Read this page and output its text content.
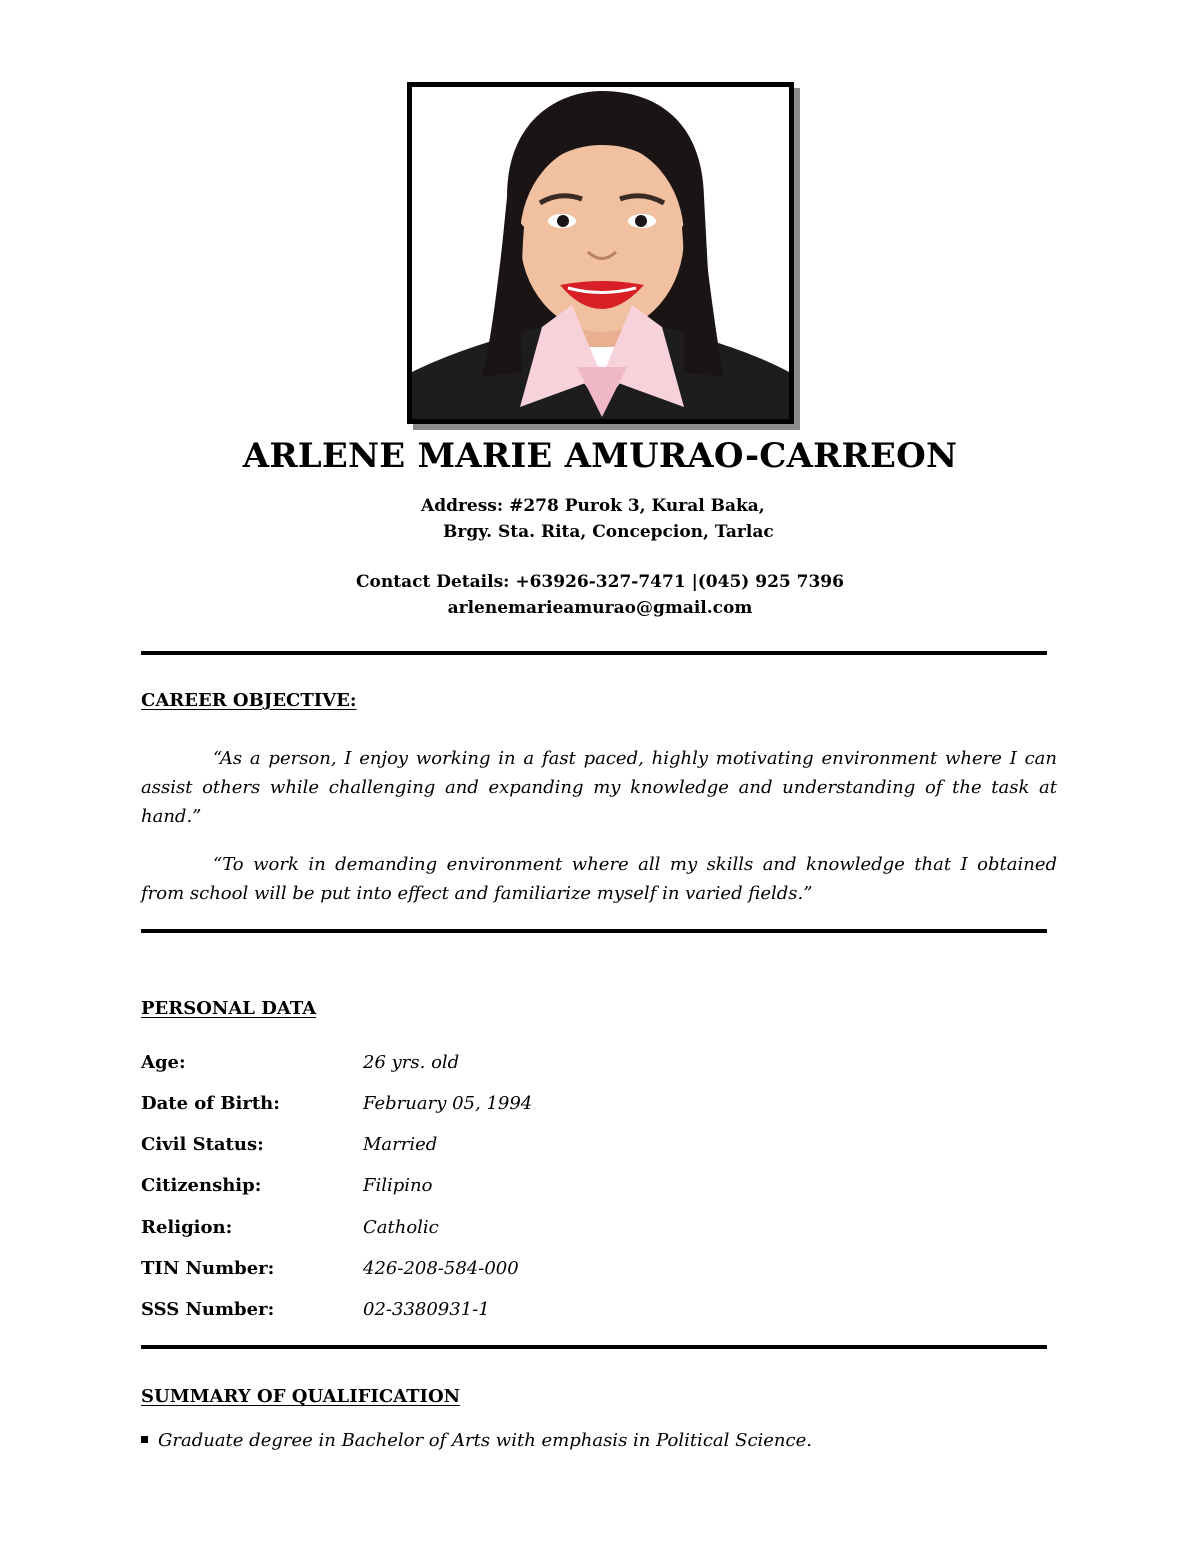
ARLENE MARIE AMURAO-CARREON
Address: #278 Purok 3, Kural Baka,
Brgy. Sta. Rita, Concepcion, Tarlac
Contact Details: +63926-327-7471 |(045) 925 7396
arlenemarieamurao@gmail.com
CAREER OBJECTIVE:

“As a person, I enjoy working in a fast paced, highly motivating environment where I can assist others while challenging and expanding my knowledge and understanding of the task at hand.”

“To work in demanding environment where all my skills and knowledge that I obtained from school will be put into effect and familiarize myself in varied fields.”

PERSONAL DATA
Age:	26 yrs. old
Date of Birth:	February 05, 1994
Civil Status:	Married
Citizenship:	Filipino
Religion:	Catholic
TIN Number:	426-208-584-000
SSS Number:	02-3380931-1
SUMMARY OF QUALIFICATION
Graduate degree in Bachelor of Arts with emphasis in Political Science.
